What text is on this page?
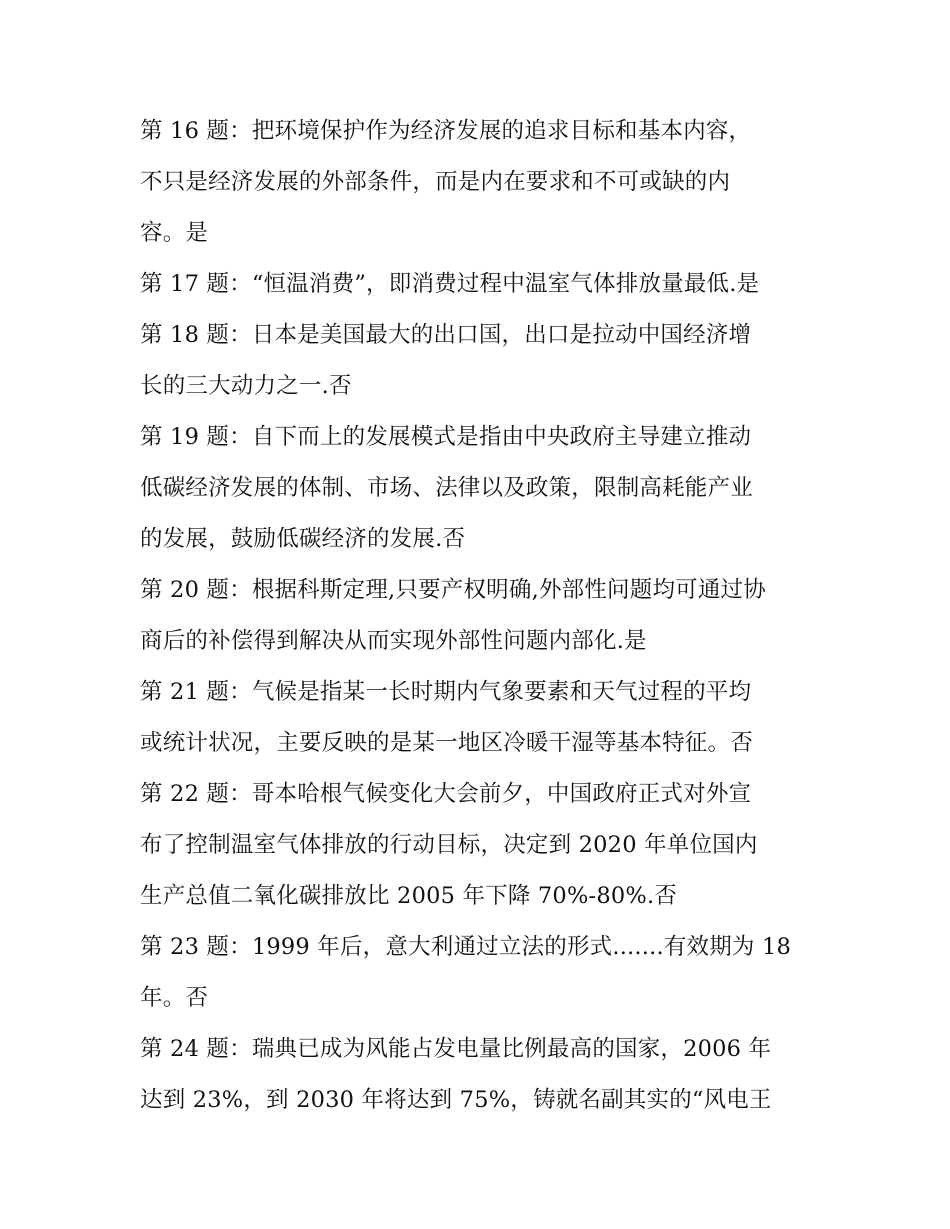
第 16 题：把环境保护作为经济发展的追求目标和基本内容，
不只是经济发展的外部条件，而是内在要求和不可或缺的内
容。是
第 17 题：“恒温消费”，即消费过程中温室气体排放量最低.是
第 18 题：日本是美国最大的出口国，出口是拉动中国经济增
长的三大动力之一.否
第 19 题：自下而上的发展模式是指由中央政府主导建立推动
低碳经济发展的体制、市场、法律以及政策，限制高耗能产业
的发展，鼓励低碳经济的发展.否
第 20 题：根据科斯定理,只要产权明确,外部性问题均可通过协
商后的补偿得到解决从而实现外部性问题内部化.是
第 21 题：气候是指某一长时期内气象要素和天气过程的平均
或统计状况，主要反映的是某一地区冷暖干湿等基本特征。否
第 22 题：哥本哈根气候变化大会前夕，中国政府正式对外宣
布了控制温室气体排放的行动目标，决定到 2020 年单位国内
生产总值二氧化碳排放比 2005 年下降 70%-80%.否
第 23 题：1999 年后，意大利通过立法的形式.......有效期为 18
年。否
第 24 题：瑞典已成为风能占发电量比例最高的国家，2006 年
达到 23%，到 2030 年将达到 75%，铸就名副其实的“风电王
